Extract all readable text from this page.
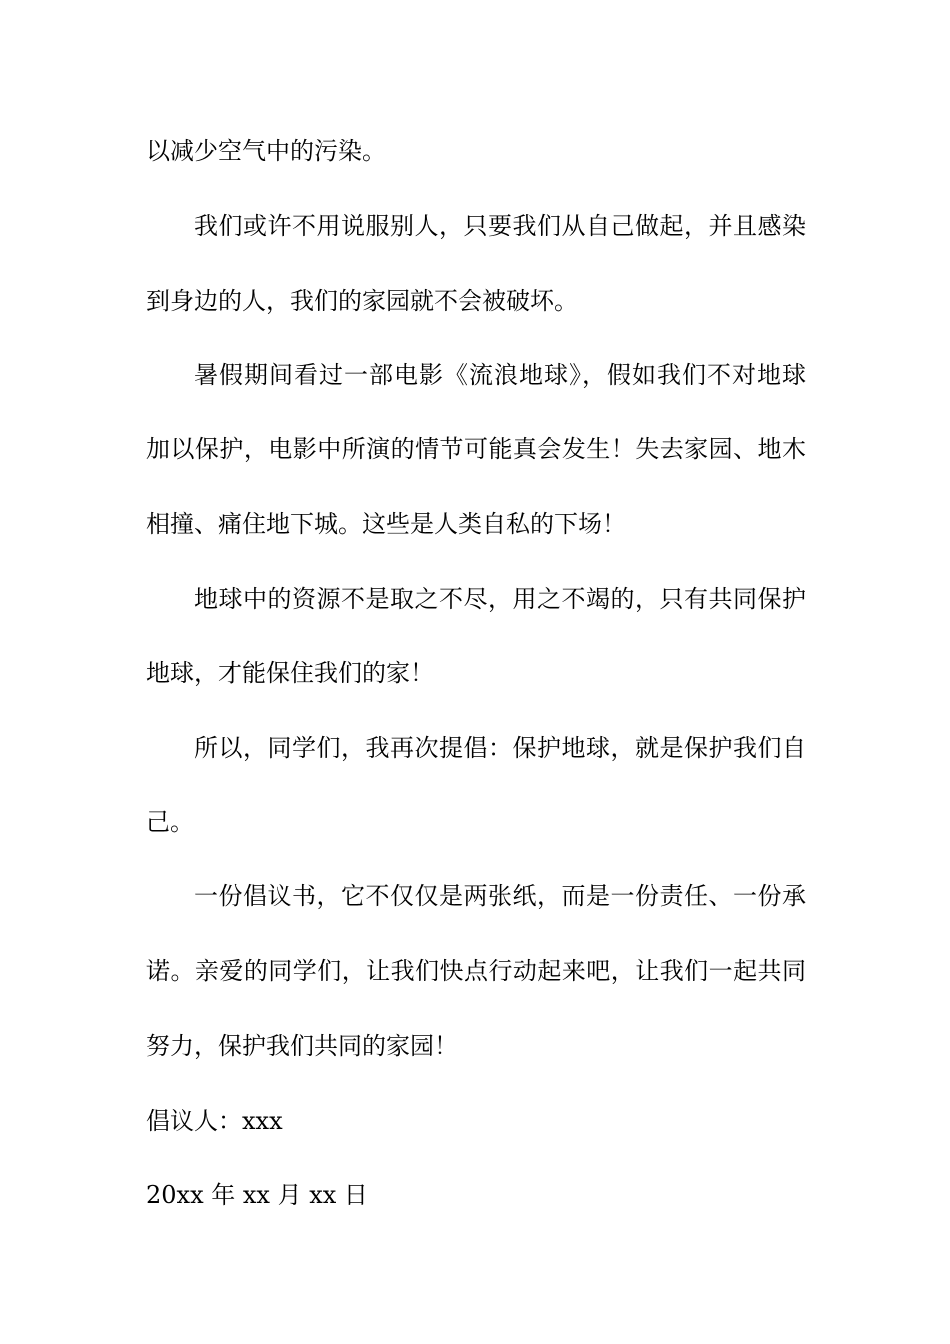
以减少空气中的污染。
我们或许不用说服别人，只要我们从自己做起，并且感染
到身边的人，我们的家园就不会被破坏。
暑假期间看过一部电影《流浪地球》，假如我们不对地球
加以保护，电影中所演的情节可能真会发生！失去家园、地木
相撞、痛住地下城。这些是人类自私的下场！
地球中的资源不是取之不尽，用之不竭的，只有共同保护
地球，才能保住我们的家！
所以，同学们，我再次提倡：保护地球，就是保护我们自
己。
一份倡议书，它不仅仅是两张纸，而是一份责任、一份承
诺。亲爱的同学们，让我们快点行动起来吧，让我们一起共同
努力，保护我们共同的家园！
倡议人：xxx
20xx 年 xx 月 xx 日
